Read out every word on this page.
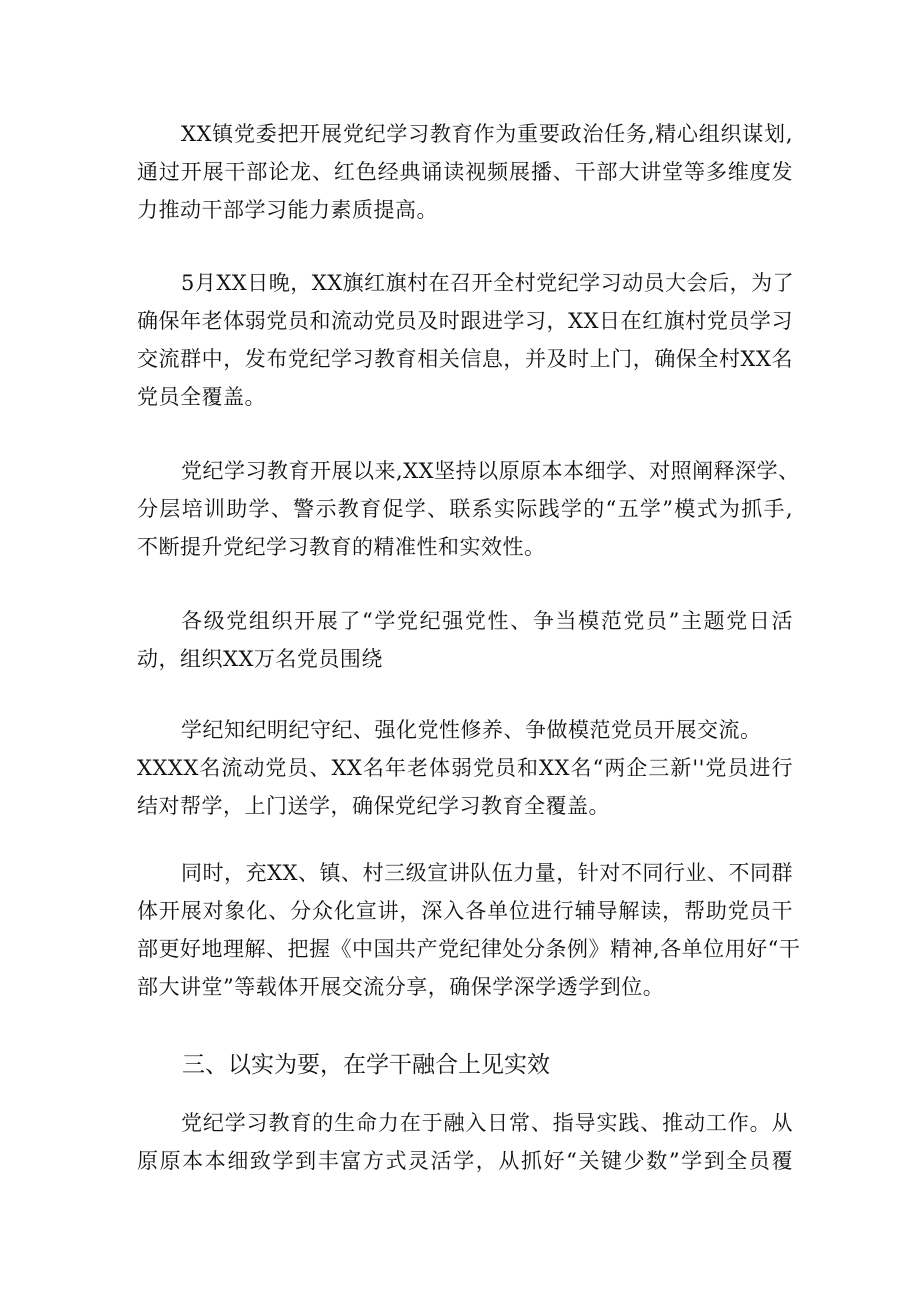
XX镇党委把开展党纪学习教育作为重要政治任务,精心组织谋划,
通过开展干部论龙、红色经典诵读视频展播、干部大讲堂等多维度发
力推动干部学习能力素质提高。
5月XX日晚，XX旗红旗村在召开全村党纪学习动员大会后，为了
确保年老体弱党员和流动党员及时跟进学习，XX日在红旗村党员学习
交流群中，发布党纪学习教育相关信息，并及时上门，确保全村XX名
党员全覆盖。
党纪学习教育开展以来,XX坚持以原原本本细学、对照阐释深学、
分层培训助学、警示教育促学、联系实际践学的“五学”模式为抓手,
不断提升党纪学习教育的精准性和实效性。
各级党组织开展了“学党纪强党性、争当模范党员”主题党日活
动，组织XX万名党员围绕
学纪知纪明纪守纪、强化党性修养、争做模范党员开展交流。
XXXX名流动党员、XX名年老体弱党员和XX名“两企三新''党员进行
结对帮学，上门送学，确保党纪学习教育全覆盖。
同时，充XX、镇、村三级宣讲队伍力量，针对不同行业、不同群
体开展对象化、分众化宣讲，深入各单位进行辅导解读，帮助党员干
部更好地理解、把握《中国共产党纪律处分条例》精神,各单位用好“干
部大讲堂”等载体开展交流分享，确保学深学透学到位。
三、以实为要，在学干融合上见实效
党纪学习教育的生命力在于融入日常、指导实践、推动工作。从
原原本本细致学到丰富方式灵活学，从抓好“关键少数”学到全员覆
